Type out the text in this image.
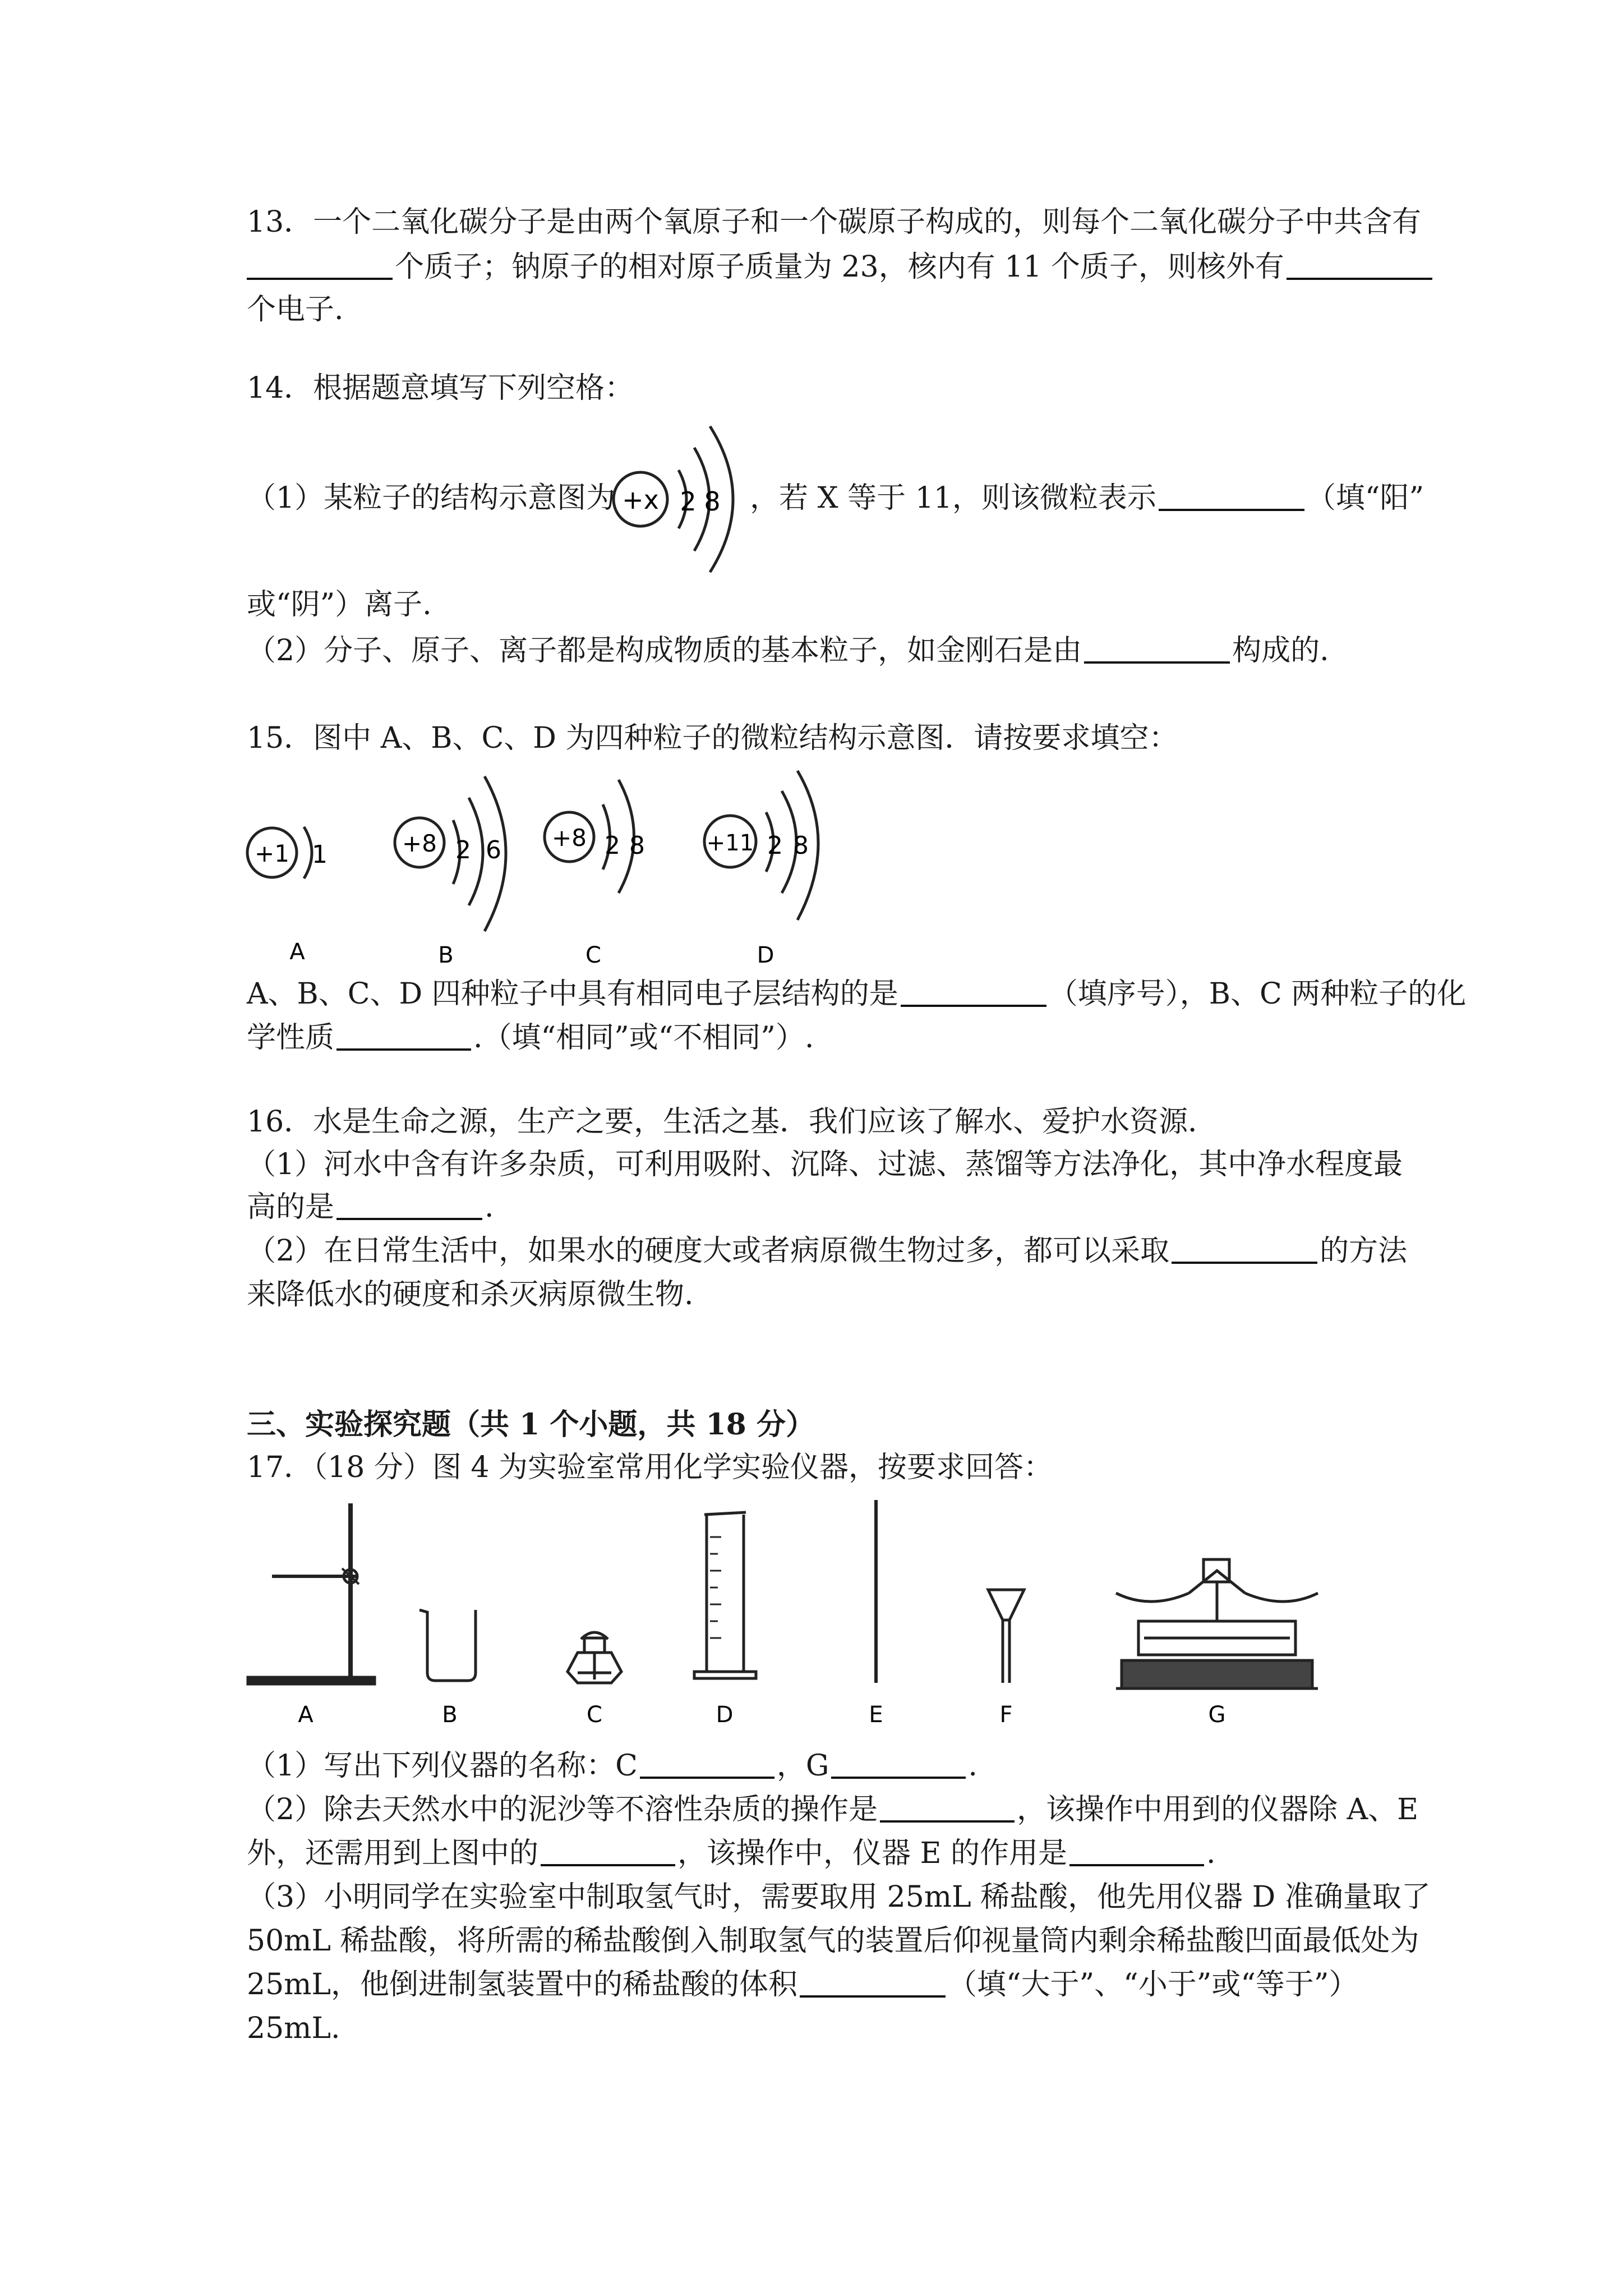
13．一个二氧化碳分子是由两个氧原子和一个碳原子构成的，则每个二氧化碳分子中共含有
个质子；钠原子的相对原子质量为 23，核内有 11 个质子，则核外有
个电子.
14．根据题意填写下列空格：
（1）某粒子的结构示意图为	，若 X 等于 11，则该微粒表示	（填“阳”
+x 2 8
或“阴”）离子.
（2）分子、原子、离子都是构成物质的基本粒子，如金刚石是由	构成的.
15．图中 A、B、C、D 为四种粒子的微粒结构示意图．请按要求填空：
+1 1
A
+8 2 6
B
+8 2 8
C
+11 2 8
D
A、B、C、D 四种粒子中具有相同电子层结构的是	（填序号），B、C 两种粒子的化
学性质	.（填“相同”或“不相同”）.
16．水是生命之源，生产之要，生活之基．我们应该了解水、爱护水资源．
（1）河水中含有许多杂质，可利用吸附、沉降、过滤、蒸馏等方法净化，其中净水程度最
高的是	.
（2）在日常生活中，如果水的硬度大或者病原微生物过多，都可以采取	的方法
来降低水的硬度和杀灭病原微生物.
三、实验探究题（共 1 个小题，共 18 分）
17．（18 分）图 4 为实验室常用化学实验仪器，按要求回答：
A	B	C	D	E	F	G
（1）写出下列仪器的名称：C	，G	.
（2）除去天然水中的泥沙等不溶性杂质的操作是	，该操作中用到的仪器除 A、E
外，还需用到上图中的	，该操作中，仪器 E 的作用是	.
（3）小明同学在实验室中制取氢气时，需要取用 25mL 稀盐酸，他先用仪器 D 准确量取了
50mL 稀盐酸，将所需的稀盐酸倒入制取氢气的装置后仰视量筒内剩余稀盐酸凹面最低处为
25mL，他倒进制氢装置中的稀盐酸的体积	（填“大于”、“小于”或“等于”）
25mL.
